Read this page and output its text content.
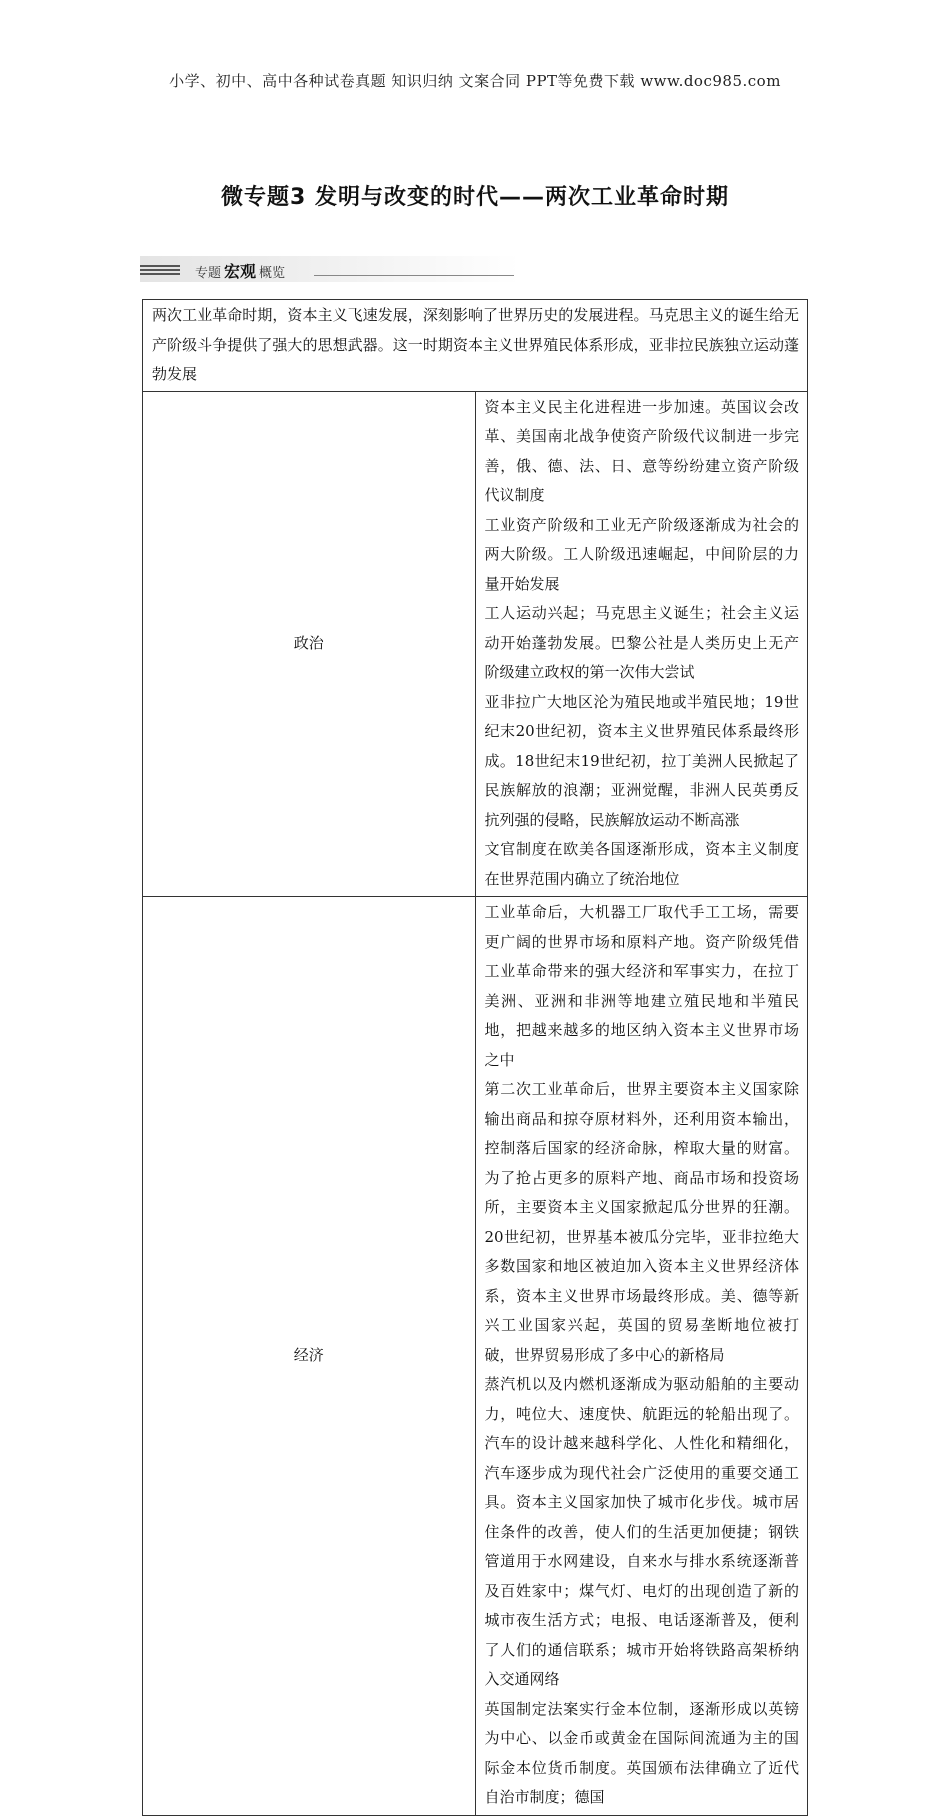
小学、初中、高中各种试卷真题 知识归纳 文案合同 PPT等免费下载 www.doc985.com
微专题3 发明与改变的时代——两次工业革命时期
专题 宏观 概览
两次工业革命时期，资本主义飞速发展，深刻影响了世界历史的发展进程。马克思主义的诞生给无产阶级斗争提供了强大的思想武器。这一时期资本主义世界殖民体系形成，亚非拉民族独立运动蓬勃发展	
政治	资本主义民主化进程进一步加速。英国议会改革、美国南北战争使资产阶级代议制进一步完善，俄、德、法、日、意等纷纷建立资产阶级代议制度

工业资产阶级和工业无产阶级逐渐成为社会的两大阶级。工人阶级迅速崛起，中间阶层的力量开始发展

工人运动兴起；马克思主义诞生；社会主义运动开始蓬勃发展。巴黎公社是人类历史上无产阶级建立政权的第一次伟大尝试

亚非拉广大地区沦为殖民地或半殖民地；19世纪末20世纪初，资本主义世界殖民体系最终形成。18世纪末19世纪初，拉丁美洲人民掀起了民族解放的浪潮；亚洲觉醒，非洲人民英勇反抗列强的侵略，民族解放运动不断高涨

文官制度在欧美各国逐渐形成，资本主义制度在世界范围内确立了统治地位

经济	工业革命后，大机器工厂取代手工工场，需要更广阔的世界市场和原料产地。资产阶级凭借工业革命带来的强大经济和军事实力，在拉丁美洲、亚洲和非洲等地建立殖民地和半殖民地，把越来越多的地区纳入资本主义世界市场之中

第二次工业革命后，世界主要资本主义国家除输出商品和掠夺原材料外，还利用资本输出，控制落后国家的经济命脉，榨取大量的财富。为了抢占更多的原料产地、商品市场和投资场所，主要资本主义国家掀起瓜分世界的狂潮。20世纪初，世界基本被瓜分完毕，亚非拉绝大多数国家和地区被迫加入资本主义世界经济体系，资本主义世界市场最终形成。美、德等新兴工业国家兴起，英国的贸易垄断地位被打破，世界贸易形成了多中心的新格局

蒸汽机以及内燃机逐渐成为驱动船舶的主要动力，吨位大、速度快、航距远的轮船出现了。汽车的设计越来越科学化、人性化和精细化，汽车逐步成为现代社会广泛使用的重要交通工具。资本主义国家加快了城市化步伐。城市居住条件的改善，使人们的生活更加便捷；钢铁管道用于水网建设，自来水与排水系统逐渐普及百姓家中；煤气灯、电灯的出现创造了新的城市夜生活方式；电报、电话逐渐普及，便利了人们的通信联系；城市开始将铁路高架桥纳入交通网络

英国制定法案实行金本位制，逐渐形成以英镑为中心、以金币或黄金在国际间流通为主的国际金本位货币制度。英国颁布法律确立了近代自治市制度；德国
